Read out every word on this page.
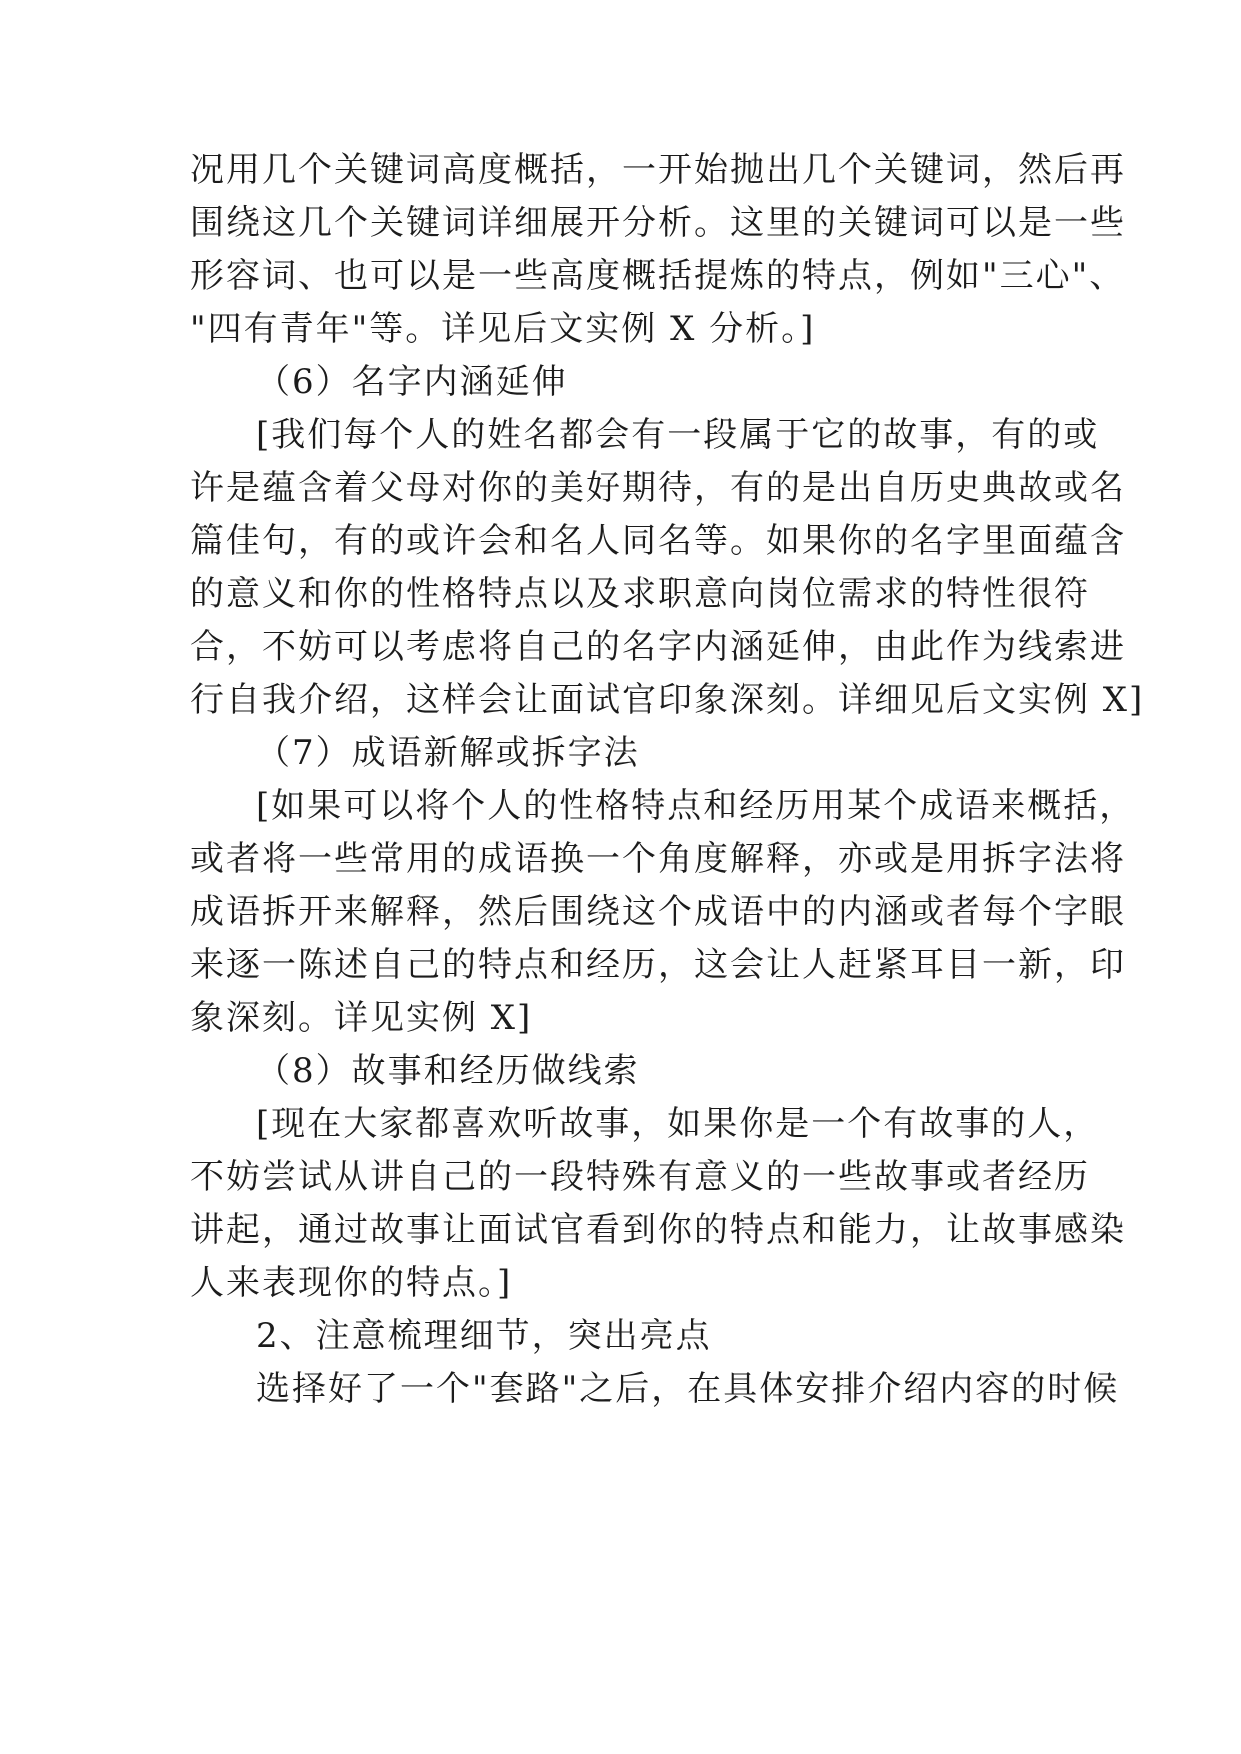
况用几个关键词高度概括，一开始抛出几个关键词，然后再
围绕这几个关键词详细展开分析。这里的关键词可以是一些
形容词、也可以是一些高度概括提炼的特点，例如"三心"、
"四有青年"等。详见后文实例 X 分析。]
（6）名字内涵延伸
[我们每个人的姓名都会有一段属于它的故事，有的或
许是蕴含着父母对你的美好期待，有的是出自历史典故或名
篇佳句，有的或许会和名人同名等。如果你的名字里面蕴含
的意义和你的性格特点以及求职意向岗位需求的特性很符
合，不妨可以考虑将自己的名字内涵延伸，由此作为线索进
行自我介绍，这样会让面试官印象深刻。详细见后文实例 X]
（7）成语新解或拆字法
[如果可以将个人的性格特点和经历用某个成语来概括，
或者将一些常用的成语换一个角度解释，亦或是用拆字法将
成语拆开来解释，然后围绕这个成语中的内涵或者每个字眼
来逐一陈述自己的特点和经历，这会让人赶紧耳目一新，印
象深刻。详见实例 X]
（8）故事和经历做线索
[现在大家都喜欢听故事，如果你是一个有故事的人，
不妨尝试从讲自己的一段特殊有意义的一些故事或者经历
讲起，通过故事让面试官看到你的特点和能力，让故事感染
人来表现你的特点。]
2、注意梳理细节，突出亮点
选择好了一个"套路"之后，在具体安排介绍内容的时候
